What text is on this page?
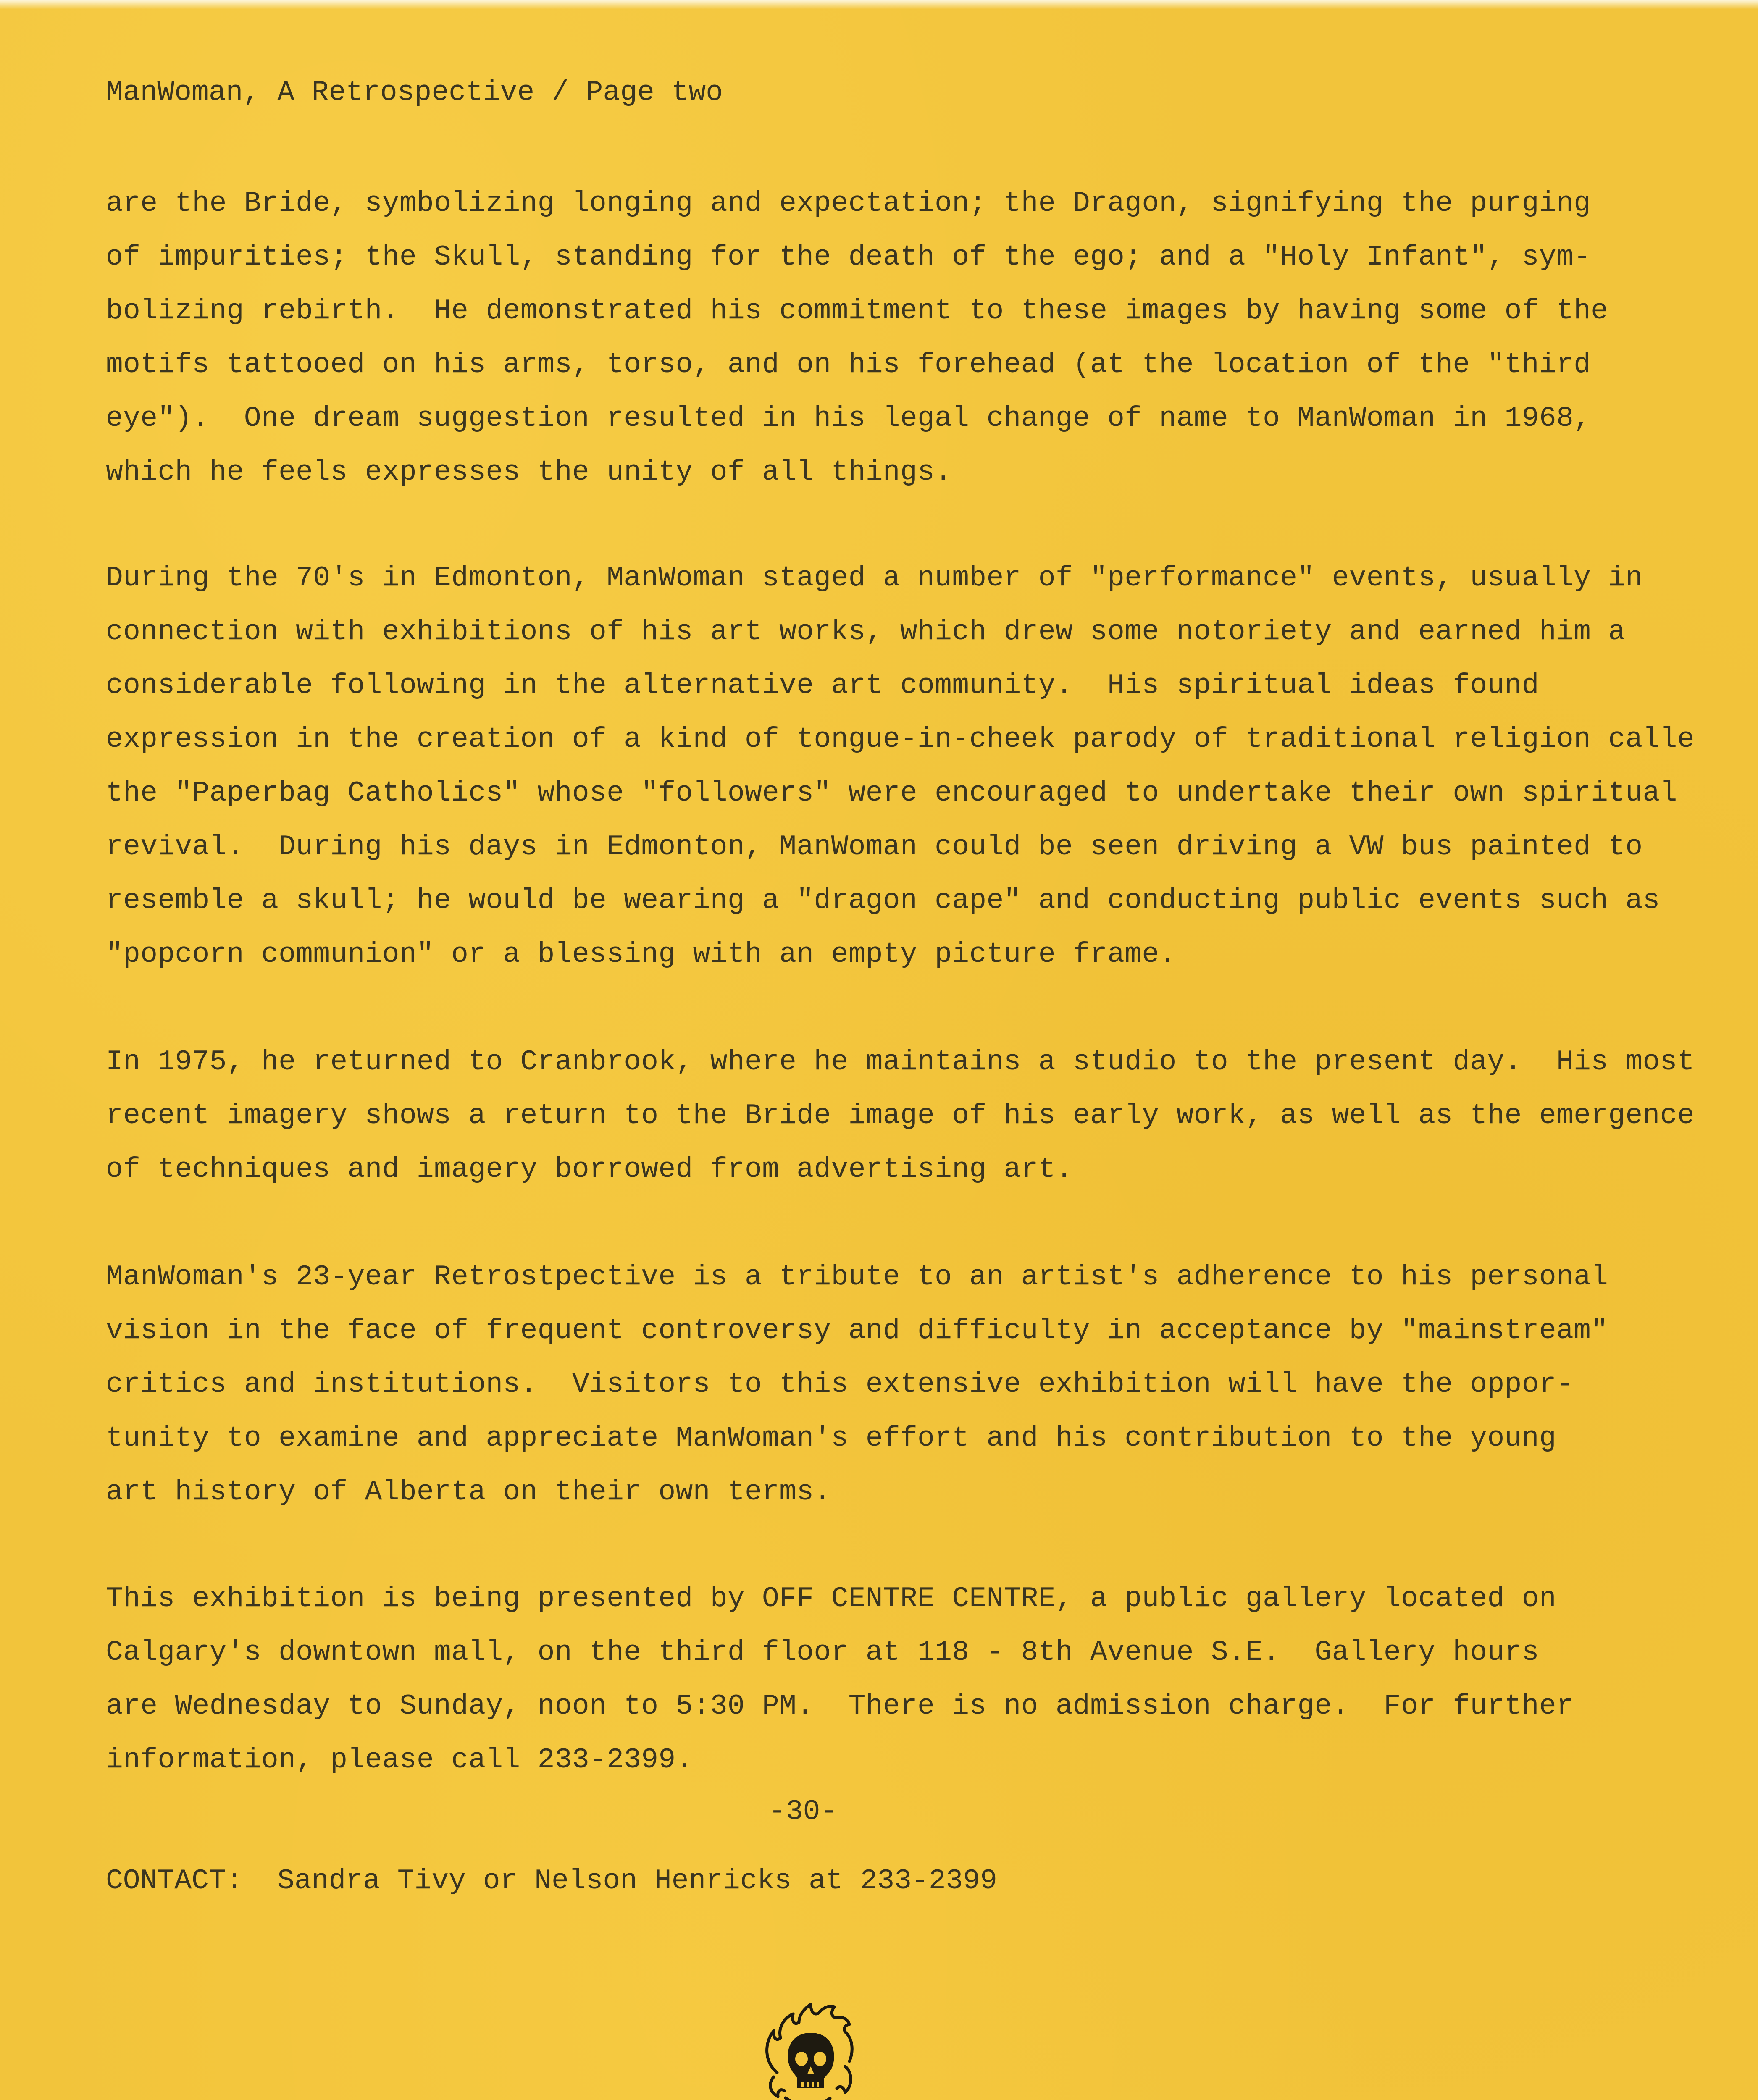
ManWoman, A Retrospective / Page two
are the Bride, symbolizing longing and expectation; the Dragon, signifying the purging
of impurities; the Skull, standing for the death of the ego; and a "Holy Infant", sym-
bolizing rebirth.  He demonstrated his commitment to these images by having some of the
motifs tattooed on his arms, torso, and on his forehead (at the location of the "third
eye").  One dream suggestion resulted in his legal change of name to ManWoman in 1968,
which he feels expresses the unity of all things.
During the 70's in Edmonton, ManWoman staged a number of "performance" events, usually in
connection with exhibitions of his art works, which drew some notoriety and earned him a
considerable following in the alternative art community.  His spiritual ideas found
expression in the creation of a kind of tongue-in-cheek parody of traditional religion calle
the "Paperbag Catholics" whose "followers" were encouraged to undertake their own spiritual
revival.  During his days in Edmonton, ManWoman could be seen driving a VW bus painted to
resemble a skull; he would be wearing a "dragon cape" and conducting public events such as
"popcorn communion" or a blessing with an empty picture frame.
In 1975, he returned to Cranbrook, where he maintains a studio to the present day.  His most
recent imagery shows a return to the Bride image of his early work, as well as the emergence
of techniques and imagery borrowed from advertising art.
ManWoman's 23-year Retrostpective is a tribute to an artist's adherence to his personal
vision in the face of frequent controversy and difficulty in acceptance by "mainstream"
critics and institutions.  Visitors to this extensive exhibition will have the oppor-
tunity to examine and appreciate ManWoman's effort and his contribution to the young
art history of Alberta on their own terms.
This exhibition is being presented by OFF CENTRE CENTRE, a public gallery located on
Calgary's downtown mall, on the third floor at 118 - 8th Avenue S.E.  Gallery hours
are Wednesday to Sunday, noon to 5:30 PM.  There is no admission charge.  For further
information, please call 233-2399.
-30-
CONTACT:  Sandra Tivy or Nelson Henricks at 233-2399
